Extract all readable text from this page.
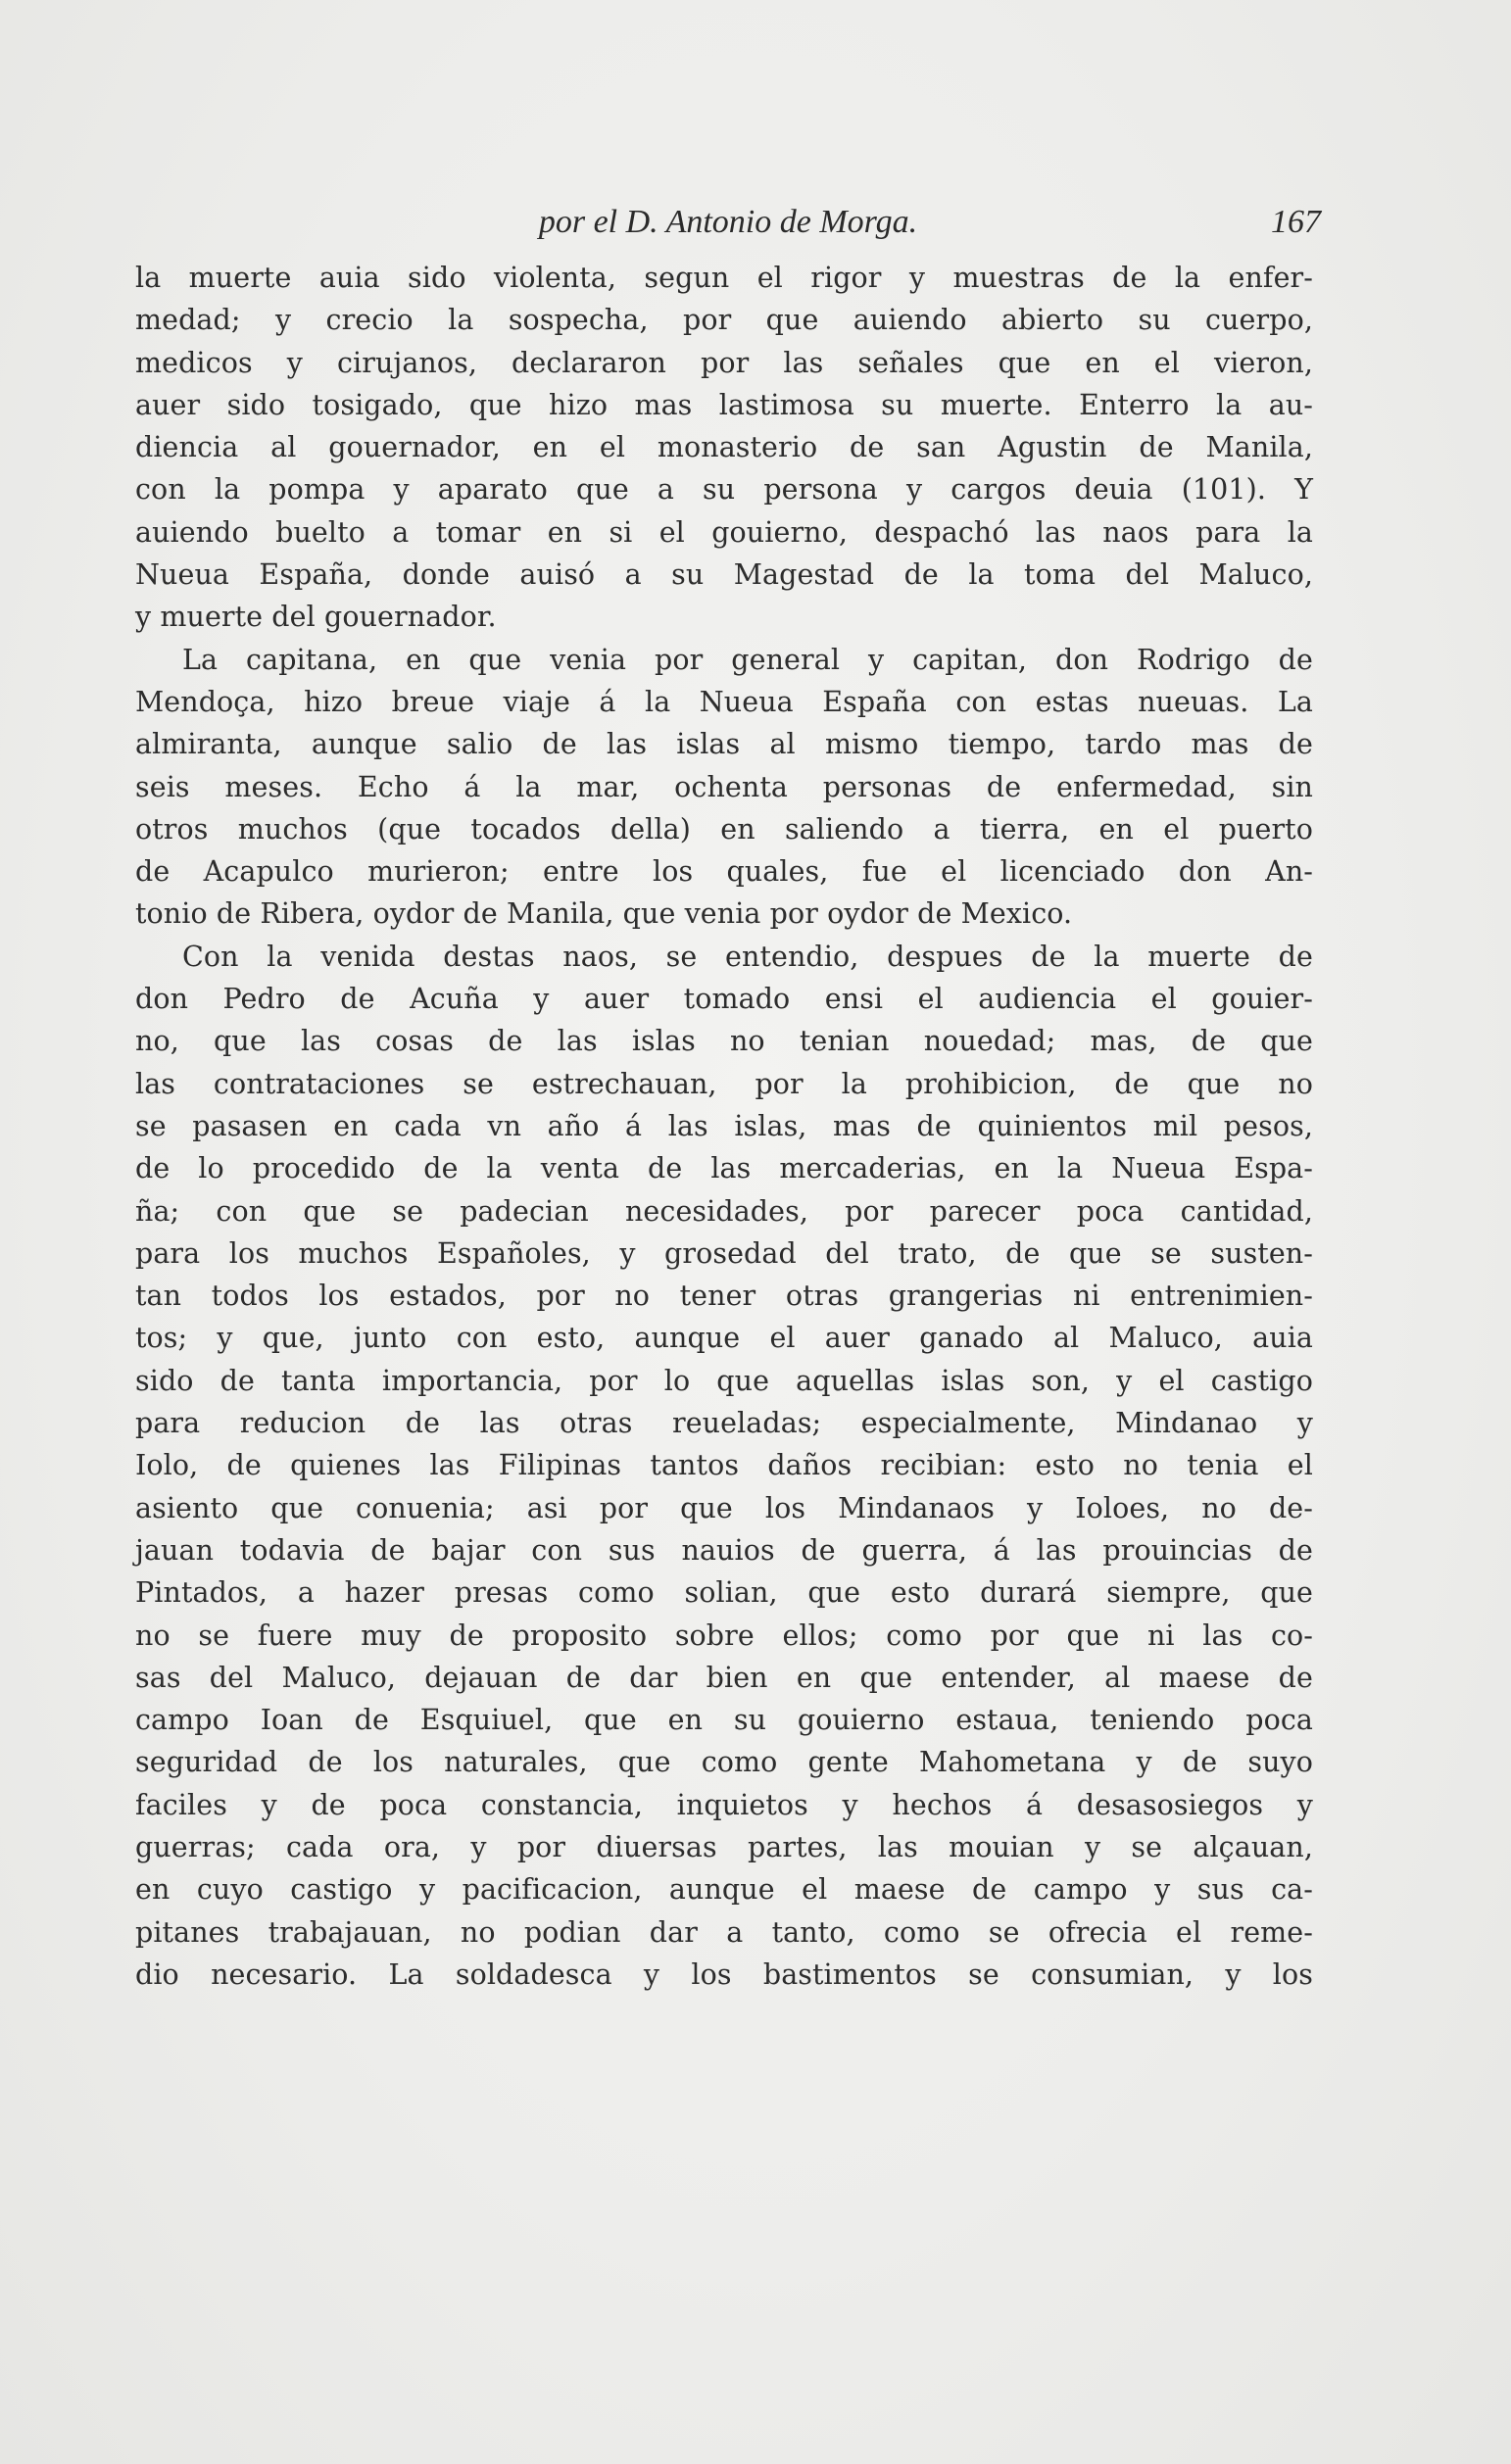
por el D. Antonio de Morga.	167
la muerte auia sido violenta, segun el rigor y muestras de la enfer-
medad; y crecio la sospecha, por que auiendo abierto su cuerpo,
medicos y cirujanos, declararon por las señales que en el vieron,
auer sido tosigado, que hizo mas lastimosa su muerte. Enterro la au-
diencia al gouernador, en el monasterio de san Agustin de Manila,
con la pompa y aparato que a su persona y cargos deuia (101). Y
auiendo buelto a tomar en si el gouierno, despachó las naos para la
Nueua España, donde auisó a su Magestad de la toma del Maluco,
y muerte del gouernador.
La capitana, en que venia por general y capitan, don Rodrigo de
Mendoça, hizo breue viaje á la Nueua España con estas nueuas. La
almiranta, aunque salio de las islas al mismo tiempo, tardo mas de
seis meses. Echo á la mar, ochenta personas de enfermedad, sin
otros muchos (que tocados della) en saliendo a tierra, en el puerto
de Acapulco murieron; entre los quales, fue el licenciado don An-
tonio de Ribera, oydor de Manila, que venia por oydor de Mexico.
Con la venida destas naos, se entendio, despues de la muerte de
don Pedro de Acuña y auer tomado ensi el audiencia el gouier-
no, que las cosas de las islas no tenian nouedad; mas, de que
las contrataciones se estrechauan, por la prohibicion, de que no
se pasasen en cada vn año á las islas, mas de quinientos mil pesos,
de lo procedido de la venta de las mercaderias, en la Nueua Espa-
ña; con que se padecian necesidades, por parecer poca cantidad,
para los muchos Españoles, y grosedad del trato, de que se susten-
tan todos los estados, por no tener otras grangerias ni entrenimien-
tos; y que, junto con esto, aunque el auer ganado al Maluco, auia
sido de tanta importancia, por lo que aquellas islas son, y el castigo
para reducion de las otras reueladas; especialmente, Mindanao y
Iolo, de quienes las Filipinas tantos daños recibian: esto no tenia el
asiento que conuenia; asi por que los Mindanaos y Ioloes, no de-
jauan todavia de bajar con sus nauios de guerra, á las prouincias de
Pintados, a hazer presas como solian, que esto durará siempre, que
no se fuere muy de proposito sobre ellos; como por que ni las co-
sas del Maluco, dejauan de dar bien en que entender, al maese de
campo Ioan de Esquiuel, que en su gouierno estaua, teniendo poca
seguridad de los naturales, que como gente Mahometana y de suyo
faciles y de poca constancia, inquietos y hechos á desasosiegos y
guerras; cada ora, y por diuersas partes, las mouian y se alçauan,
en cuyo castigo y pacificacion, aunque el maese de campo y sus ca-
pitanes trabajauan, no podian dar a tanto, como se ofrecia el reme-
dio necesario. La soldadesca y los bastimentos se consumian, y los
